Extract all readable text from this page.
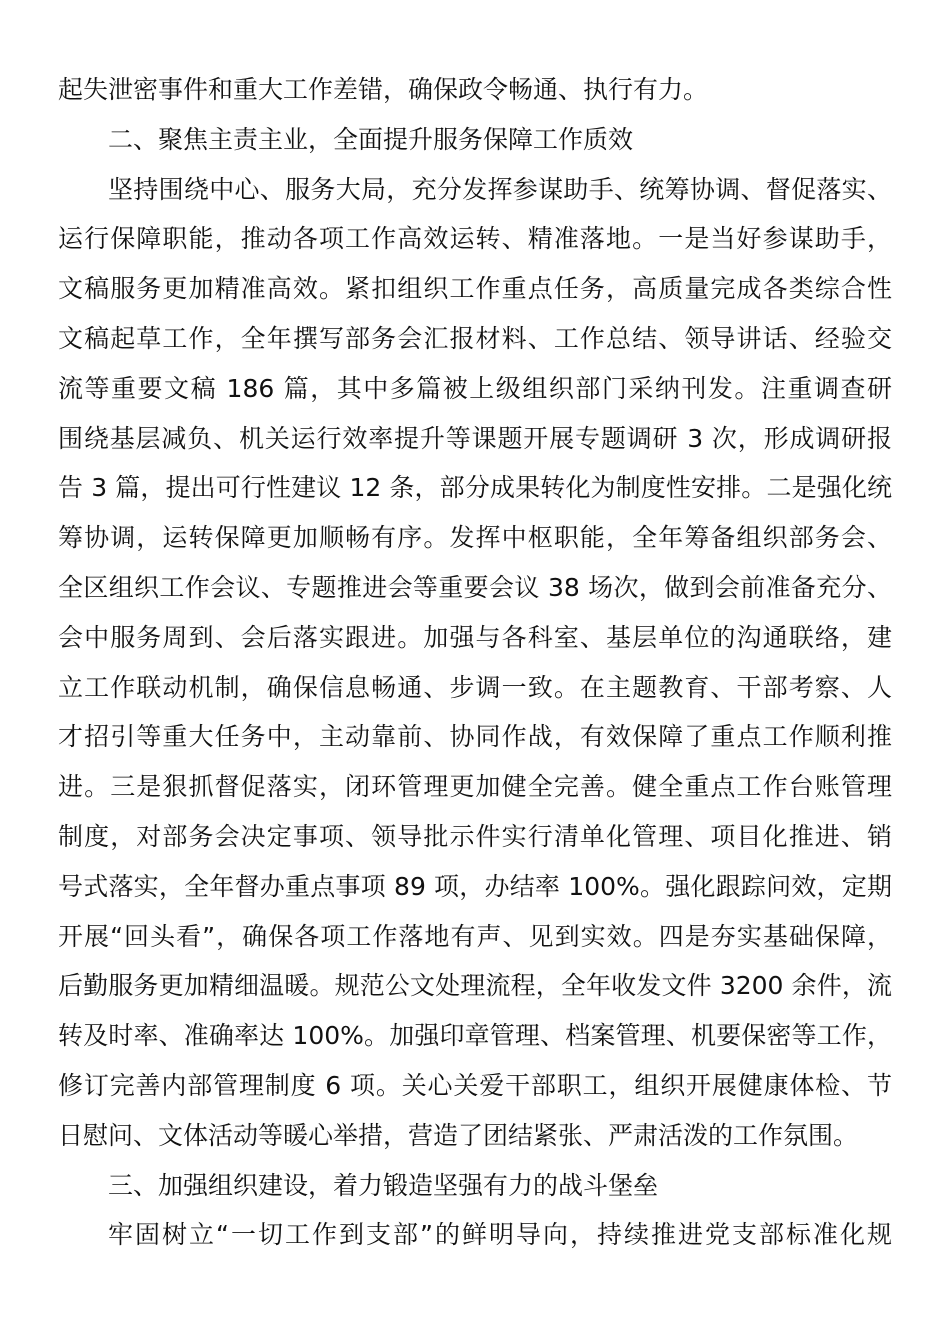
起失泄密事件和重大工作差错，确保政令畅通、执行有力。
二、聚焦主责主业，全面提升服务保障工作质效
坚持围绕中心、服务大局，充分发挥参谋助手、统筹协调、督促落实、
运行保障职能，推动各项工作高效运转、精准落地。一是当好参谋助手，
文稿服务更加精准高效。紧扣组织工作重点任务，高质量完成各类综合性
文稿起草工作，全年撰写部务会汇报材料、工作总结、领导讲话、经验交
流等重要文稿 186 篇，其中多篇被上级组织部门采纳刊发。注重调查研
围绕基层减负、机关运行效率提升等课题开展专题调研 3 次，形成调研报
告 3 篇，提出可行性建议 12 条，部分成果转化为制度性安排。二是强化统
筹协调，运转保障更加顺畅有序。发挥中枢职能，全年筹备组织部务会、
全区组织工作会议、专题推进会等重要会议 38 场次，做到会前准备充分、
会中服务周到、会后落实跟进。加强与各科室、基层单位的沟通联络，建
立工作联动机制，确保信息畅通、步调一致。在主题教育、干部考察、人
才招引等重大任务中，主动靠前、协同作战，有效保障了重点工作顺利推
进。三是狠抓督促落实，闭环管理更加健全完善。健全重点工作台账管理
制度，对部务会决定事项、领导批示件实行清单化管理、项目化推进、销
号式落实，全年督办重点事项 89 项，办结率 100%。强化跟踪问效，定期
开展“回头看”，确保各项工作落地有声、见到实效。四是夯实基础保障，
后勤服务更加精细温暖。规范公文处理流程，全年收发文件 3200 余件，流
转及时率、准确率达 100%。加强印章管理、档案管理、机要保密等工作，
修订完善内部管理制度 6 项。关心关爱干部职工，组织开展健康体检、节
日慰问、文体活动等暖心举措，营造了团结紧张、严肃活泼的工作氛围。
三、加强组织建设，着力锻造坚强有力的战斗堡垒
牢固树立“一切工作到支部”的鲜明导向，持续推进党支部标准化规
